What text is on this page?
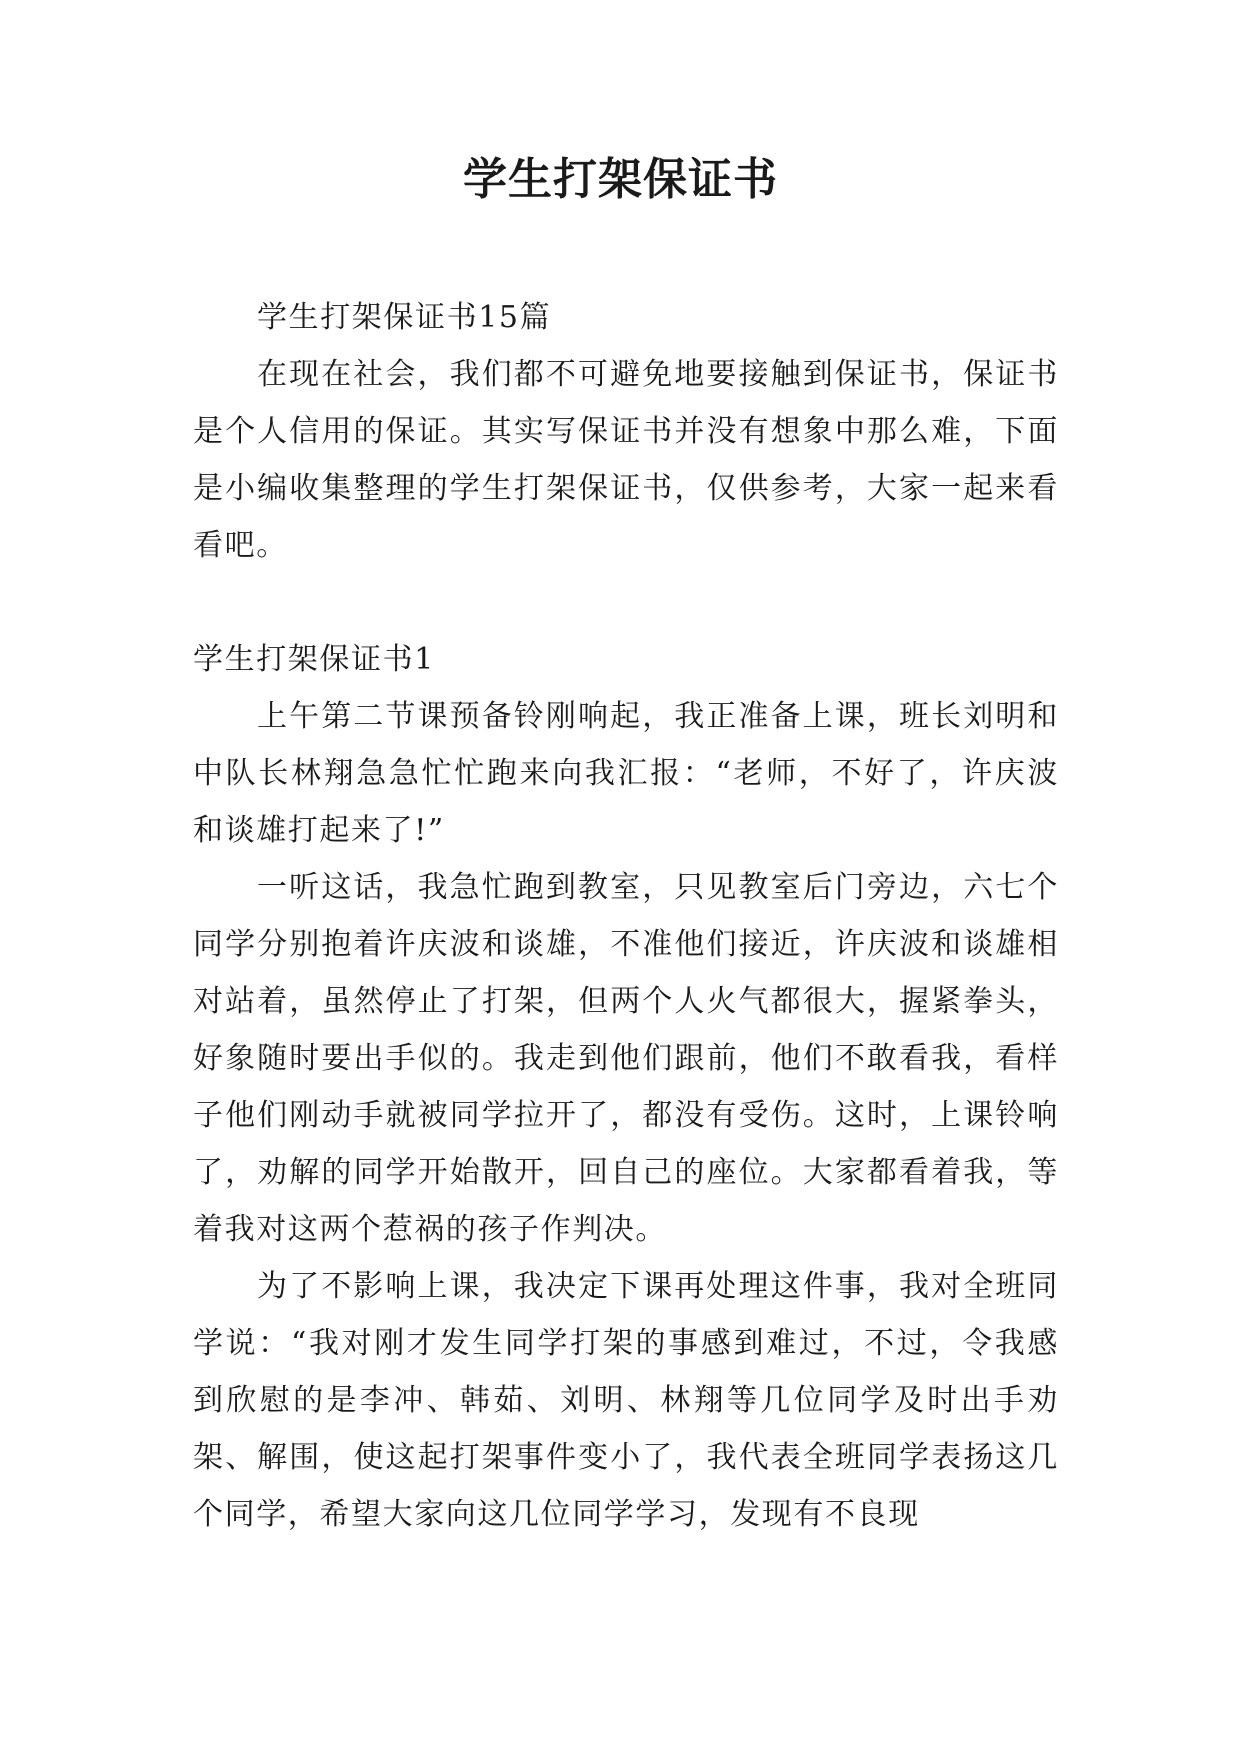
学生打架保证书

学生打架保证书15篇

在现在社会，我们都不可避免地要接触到保证书，保证书是个人信用的保证。其实写保证书并没有想象中那么难，下面是小编收集整理的学生打架保证书，仅供参考，大家一起来看看吧。

学生打架保证书1

上午第二节课预备铃刚响起，我正准备上课，班长刘明和中队长林翔急急忙忙跑来向我汇报：“老师，不好了，许庆波和谈雄打起来了!”

一听这话，我急忙跑到教室，只见教室后门旁边，六七个同学分别抱着许庆波和谈雄，不准他们接近，许庆波和谈雄相对站着，虽然停止了打架，但两个人火气都很大，握紧拳头，好象随时要出手似的。我走到他们跟前，他们不敢看我，看样子他们刚动手就被同学拉开了，都没有受伤。这时，上课铃响了，劝解的同学开始散开，回自己的座位。大家都看着我，等着我对这两个惹祸的孩子作判决。

为了不影响上课，我决定下课再处理这件事，我对全班同学说：“我对刚才发生同学打架的事感到难过，不过，令我感到欣慰的是李冲、韩茹、刘明、林翔等几位同学及时出手劝架、解围，使这起打架事件变小了，我代表全班同学表扬这几个同学，希望大家向这几位同学学习，发现有不良现
